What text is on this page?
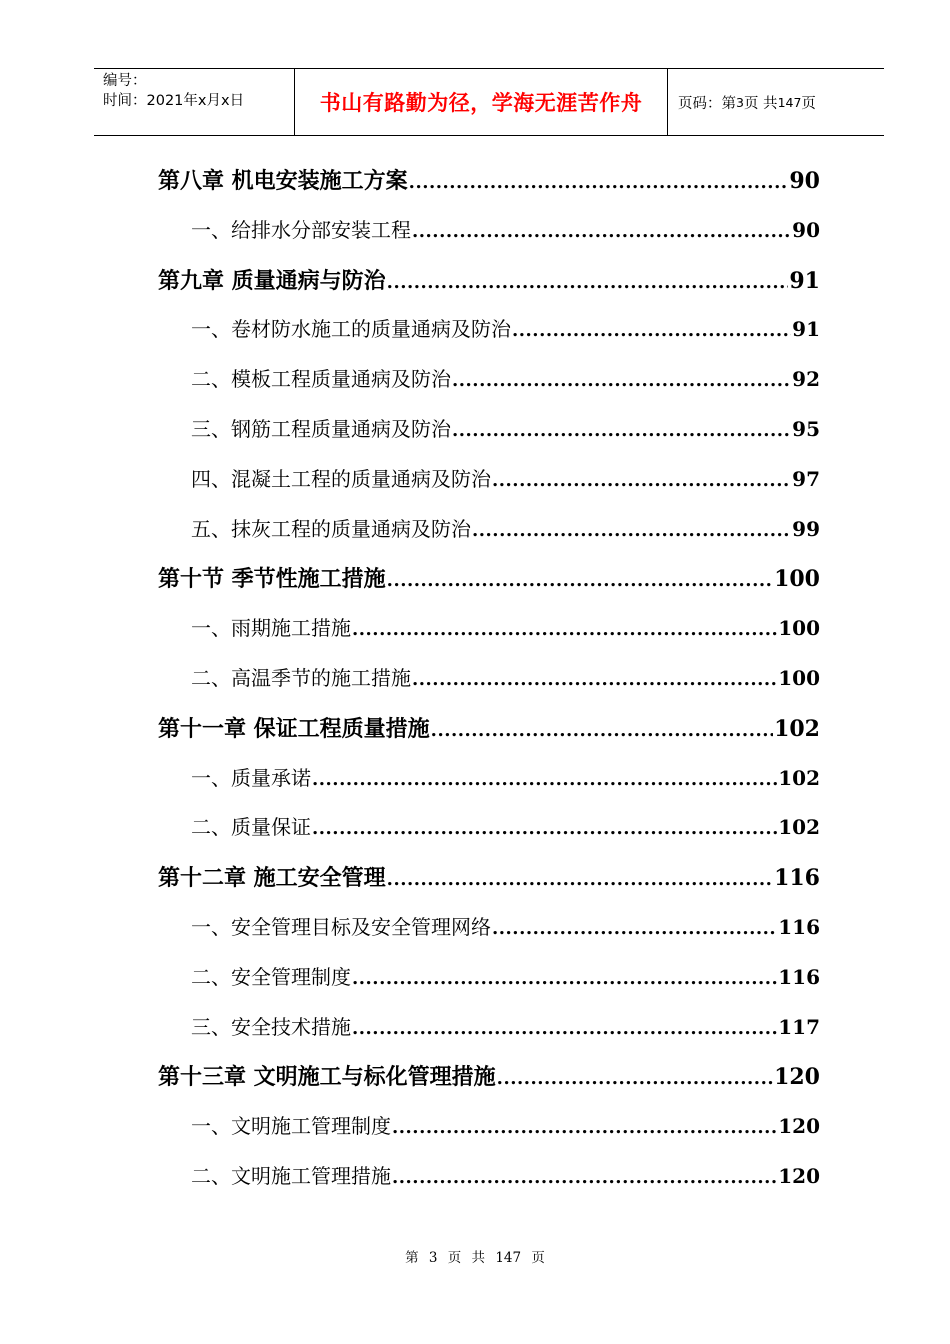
编号：
时间：2021年x月x日	书山有路勤为径，学海无涯苦作舟	页码：第 3 页 共 147 页
第八章 机电安装施工方案 .....	90
一、给排水分部安装工程 .....	90
第九章 质量通病与防治 .....	91
一、卷材防水施工的质量通病及防治 .....	91
二、模板工程质量通病及防治 .....	92
三、钢筋工程质量通病及防治 .....	95
四、混凝土工程的质量通病及防治 .....	97
五、抹灰工程的质量通病及防治 .....	99
第十节 季节性施工措施 .....	100
一、雨期施工措施 .....	100
二、高温季节的施工措施 .....	100
第十一章 保证工程质量措施 .....	102
一、质量承诺 .....	102
二、质量保证 .....	102
第十二章 施工安全管理 .....	116
一、安全管理目标及安全管理网络 .....	116
二、安全管理制度 .....	116
三、安全技术措施 .....	117
第十三章 文明施工与标化管理措施 .....	120
一、文明施工管理制度 .....	120
二、文明施工管理措施 .....	120
第 3 页 共 147 页
